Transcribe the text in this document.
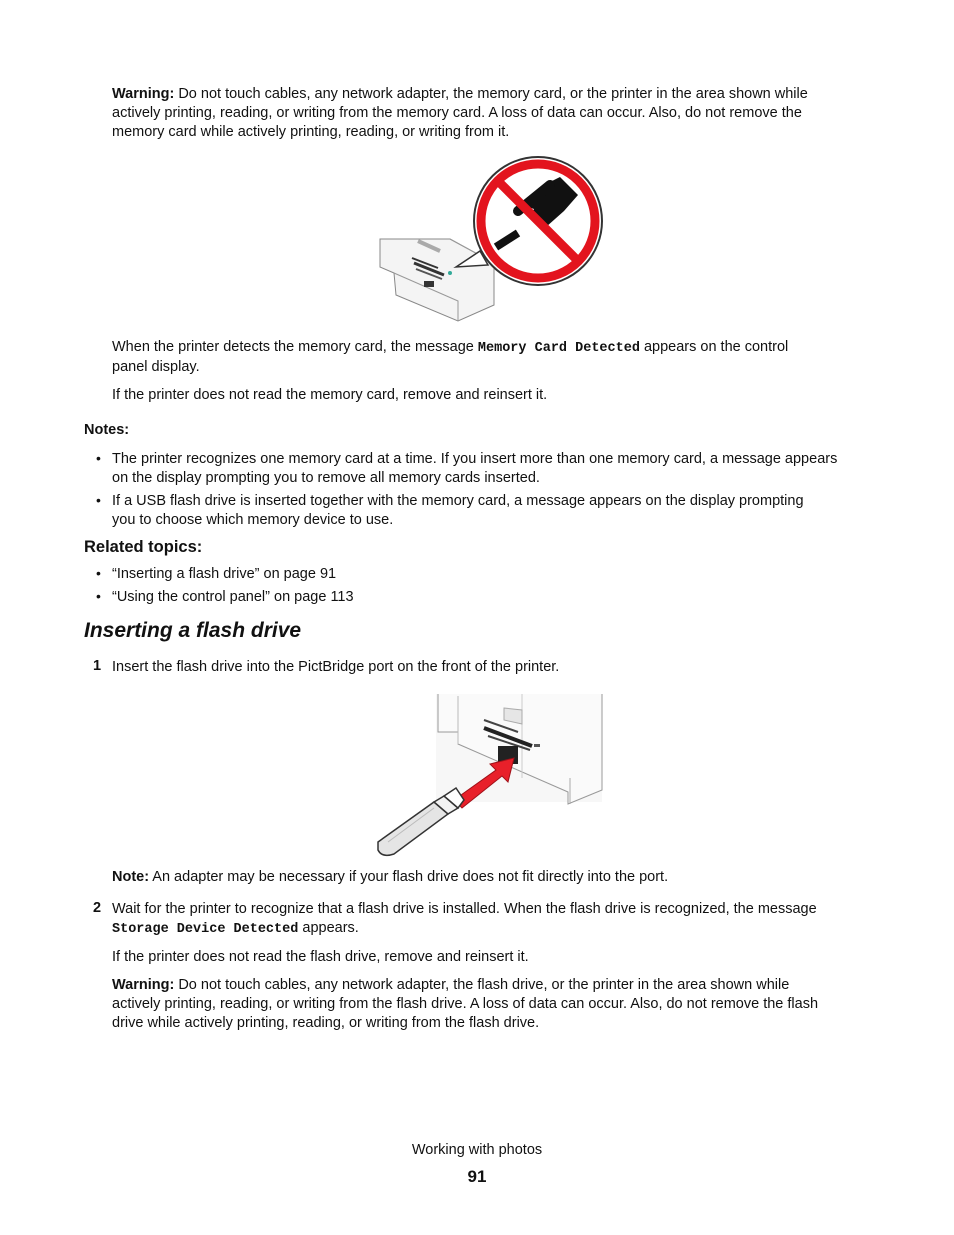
Warning: Do not touch cables, any network adapter, the memory card, or the printer in the area shown while
actively printing, reading, or writing from the memory card. A loss of data can occur. Also, do not remove the
memory card while actively printing, reading, or writing from it.
When the printer detects the memory card, the message Memory Card Detected appears on the control
panel display.
If the printer does not read the memory card, remove and reinsert it.
Notes:
• The printer recognizes one memory card at a time. If you insert more than one memory card, a message appears
on the display prompting you to remove all memory cards inserted.
• If a USB flash drive is inserted together with the memory card, a message appears on the display prompting
you to choose which memory device to use.
Related topics:
• “Inserting a flash drive” on page 91
• “Using the control panel” on page 113
Inserting a flash drive
1 Insert the flash drive into the PictBridge port on the front of the printer.
Note: An adapter may be necessary if your flash drive does not fit directly into the port.
2 Wait for the printer to recognize that a flash drive is installed. When the flash drive is recognized, the message
Storage Device Detected appears.
If the printer does not read the flash drive, remove and reinsert it.
Warning: Do not touch cables, any network adapter, the flash drive, or the printer in the area shown while
actively printing, reading, or writing from the flash drive. A loss of data can occur. Also, do not remove the flash
drive while actively printing, reading, or writing from the flash drive.
Working with photos
91
